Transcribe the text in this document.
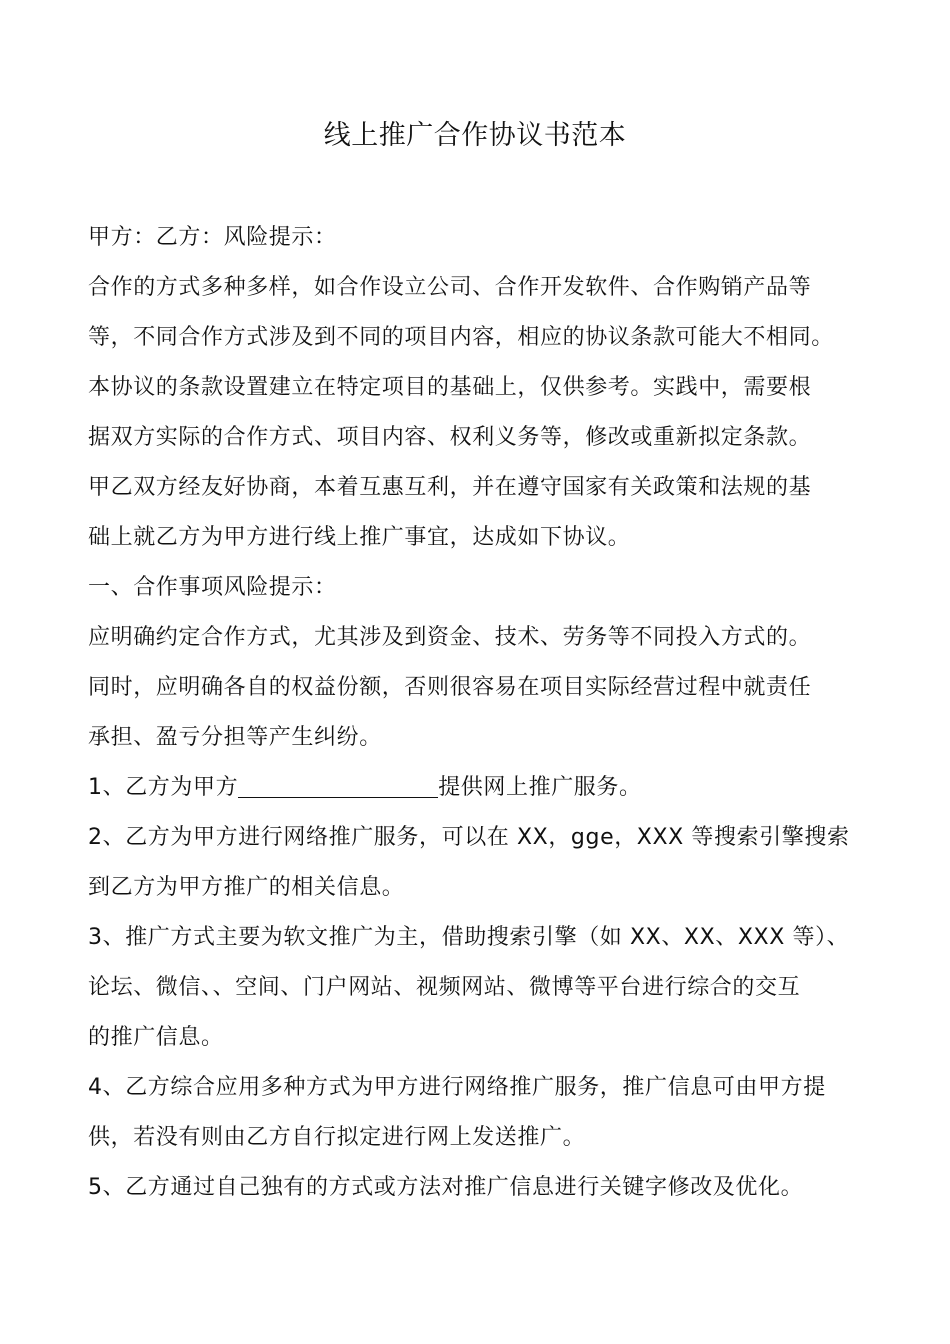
线上推广合作协议书范本
甲方：乙方：风险提示：
合作的方式多种多样，如合作设立公司、合作开发软件、合作购销产品等
等，不同合作方式涉及到不同的项目内容，相应的协议条款可能大不相同。
本协议的条款设置建立在特定项目的基础上，仅供参考。实践中，需要根
据双方实际的合作方式、项目内容、权利义务等，修改或重新拟定条款。
甲乙双方经友好协商，本着互惠互利，并在遵守国家有关政策和法规的基
础上就乙方为甲方进行线上推广事宜，达成如下协议。
一、合作事项风险提示：
应明确约定合作方式，尤其涉及到资金、技术、劳务等不同投入方式的。
同时，应明确各自的权益份额，否则很容易在项目实际经营过程中就责任
承担、盈亏分担等产生纠纷。
1、乙方为甲方	提供网上推广服务。
2、乙方为甲方进行网络推广服务，可以在 XX，gge，XXX 等搜索引擎搜索
到乙方为甲方推广的相关信息。
3、推广方式主要为软文推广为主，借助搜索引擎（如 XX、XX、XXX 等）、
论坛、微信、、空间、门户网站、视频网站、微博等平台进行综合的交互
的推广信息。
4、乙方综合应用多种方式为甲方进行网络推广服务，推广信息可由甲方提
供，若没有则由乙方自行拟定进行网上发送推广。
5、乙方通过自己独有的方式或方法对推广信息进行关键字修改及优化。
